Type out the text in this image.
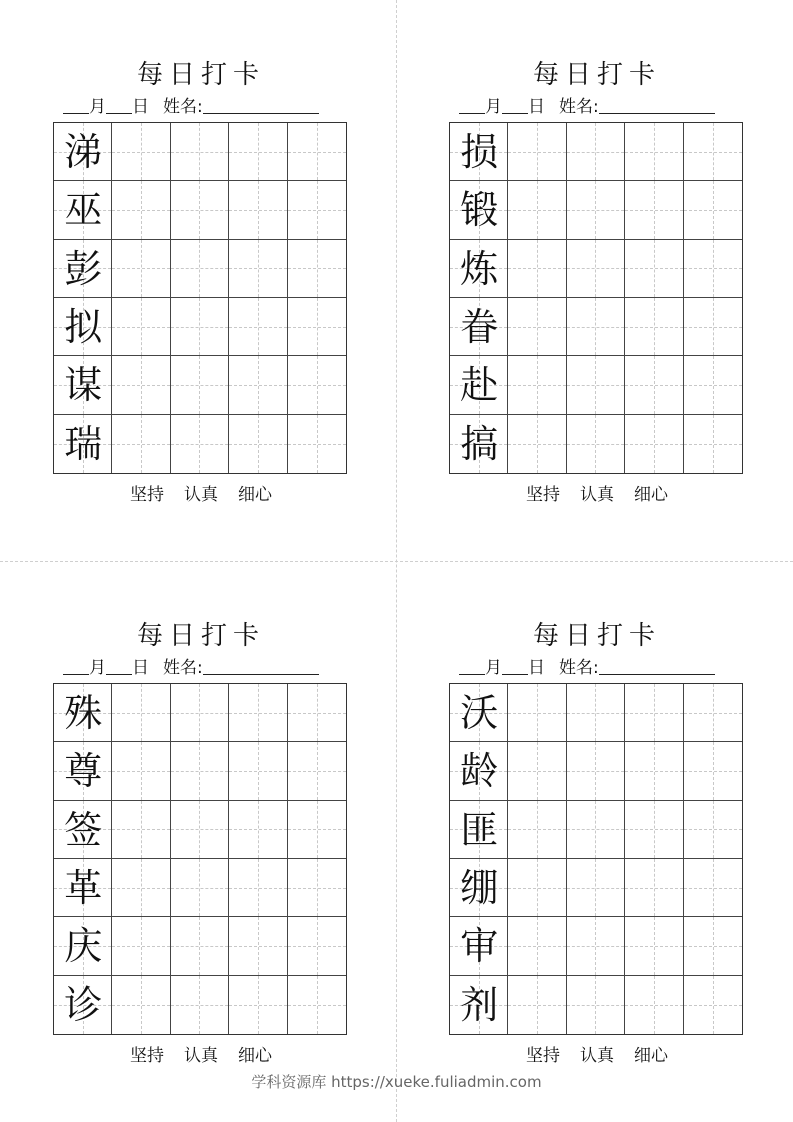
每日打卡
月 日 姓名:
涕
巫
彭
拟
谋
瑞
坚持 认真 细心
每日打卡
月 日 姓名:
损
锻
炼
眷
赴
搞
坚持 认真 细心
每日打卡
月 日 姓名:
殊
尊
签
革
庆
诊
坚持 认真 细心
每日打卡
月 日 姓名:
沃
龄
匪
绷
审
剂
坚持 认真 细心
学科资源库 https://xueke.fuliadmin.com
